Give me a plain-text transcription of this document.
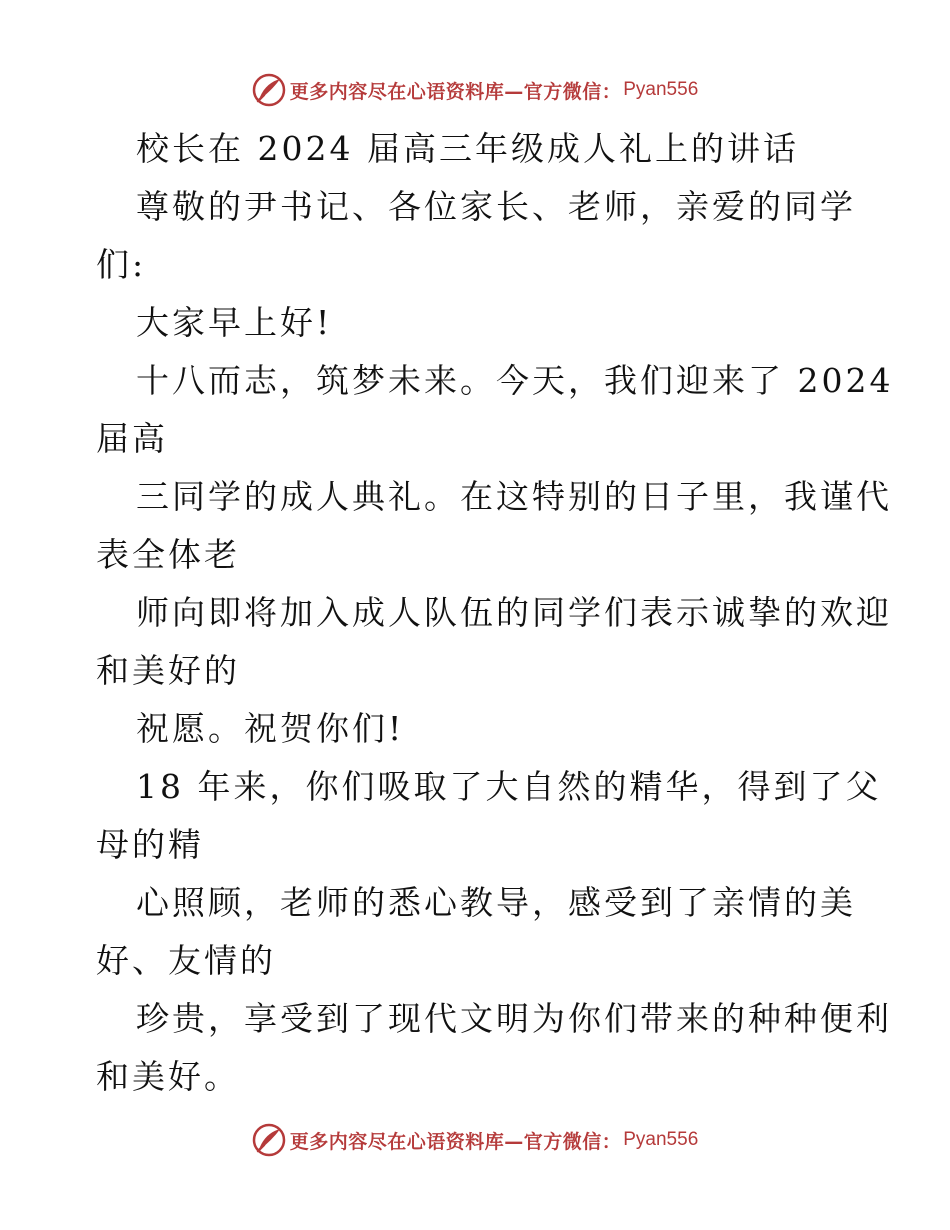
更多内容尽在心语资料库—官方微信： Pyan556
校长在 2024 届高三年级成人礼上的讲话
尊敬的尹书记、各位家长、老师，亲爱的同学
们:
大家早上好!
十八而志，筑梦未来。今天，我们迎来了 2024
届高
三同学的成人典礼。在这特别的日子里，我谨代
表全体老
师向即将加入成人队伍的同学们表示诚挚的欢迎
和美好的
祝愿。祝贺你们!
18 年来，你们吸取了大自然的精华，得到了父
母的精
心照顾，老师的悉心教导，感受到了亲情的美
好、友情的
珍贵，享受到了现代文明为你们带来的种种便利
和美好。
更多内容尽在心语资料库—官方微信： Pyan556
